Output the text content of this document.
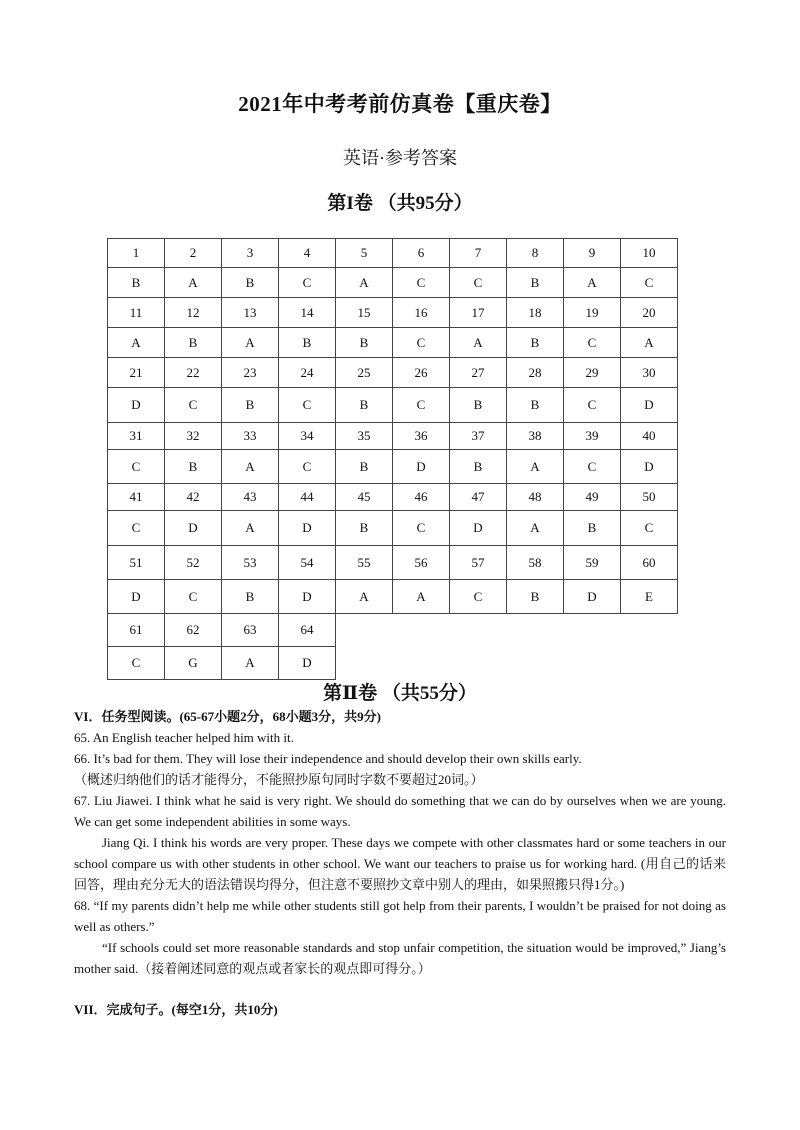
2021年中考考前仿真卷【重庆卷】
英语·参考答案
第I卷 （共95分）
1	2	3	4	5	6	7	8	9	10
B	A	B	C	A	C	C	B	A	C
11	12	13	14	15	16	17	18	19	20
A	B	A	B	B	C	A	B	C	A
21	22	23	24	25	26	27	28	29	30
D	C	B	C	B	C	B	B	C	D
31	32	33	34	35	36	37	38	39	40
C	B	A	C	B	D	B	A	C	D
41	42	43	44	45	46	47	48	49	50
C	D	A	D	B	C	D	A	B	C
51	52	53	54	55	56	57	58	59	60
D	C	B	D	A	A	C	B	D	E
61	62	63	64						
C	G	A	D						
第Ⅱ卷 （共55分）

VI．任务型阅读。(65-67小题2分，68小题3分，共9分)

65. An English teacher helped him with it.

66. It’s bad for them. They will lose their independence and should develop their own skills early.

（概述归纳他们的话才能得分，不能照抄原句同时字数不要超过20词。）

67. Liu Jiawei. I think what he said is very right. We should do something that we can do by ourselves when we are young. We can get some independent abilities in some ways.

Jiang Qi. I think his words are very proper. These days we compete with other classmates hard or some teachers in our school compare us with other students in other school. We want our teachers to praise us for working hard. (用自己的话来回答，理由充分无大的语法错误均得分，但注意不要照抄文章中别人的理由，如果照搬只得1分。)

68. “If my parents didn’t help me while other students still got help from their parents, I wouldn’t be praised for not doing as well as others.”

“If schools could set more reasonable standards and stop unfair competition, the situation would be improved,” Jiang’s mother said.（接着阐述同意的观点或者家长的观点即可得分。）

VII．完成句子。(每空1分，共10分)
